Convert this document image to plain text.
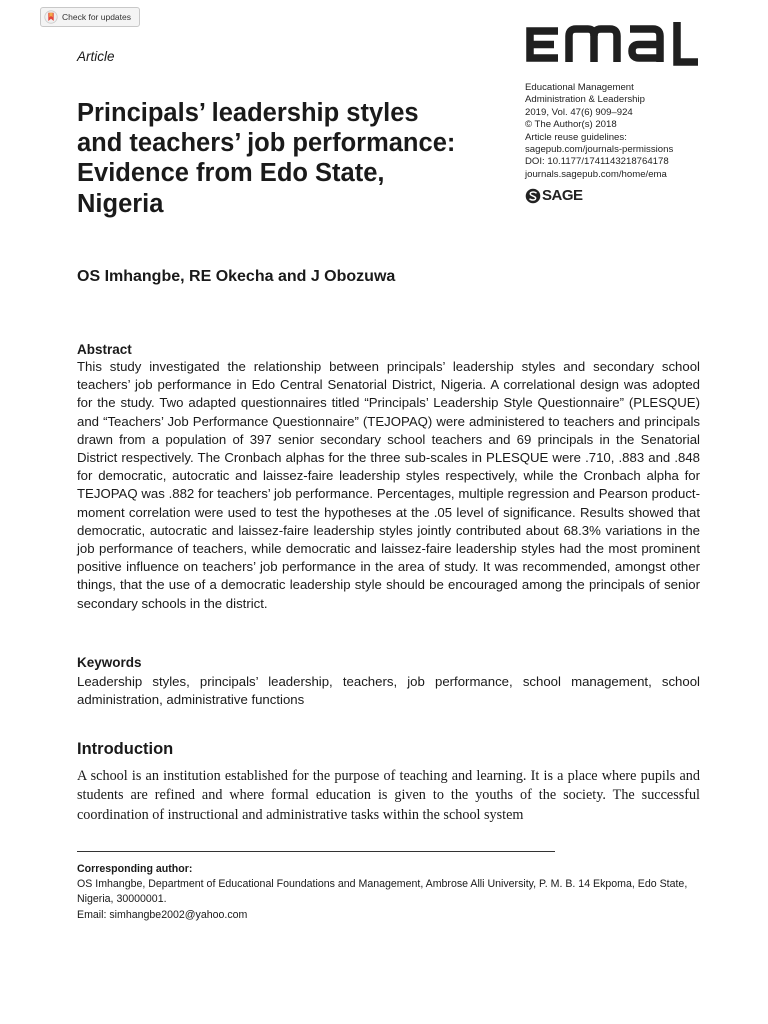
Check for updates
Article
Educational Management
Administration & Leadership
2019, Vol. 47(6) 909–924
© The Author(s) 2018
Article reuse guidelines:
sagepub.com/journals-permissions
DOI: 10.1177/1741143218764178
journals.sagepub.com/home/ema
SAGE
Principals’ leadership styles
and teachers’ job performance:
Evidence from Edo State,
Nigeria
OS Imhangbe, RE Okecha and J Obozuwa
Abstract

This study investigated the relationship between principals’ leadership styles and secondary school teachers’ job performance in Edo Central Senatorial District, Nigeria. A correlational design was adopted for the study. Two adapted questionnaires titled “Principals’ Leadership Style Questionnaire” (PLESQUE) and “Teachers’ Job Performance Questionnaire” (TEJOPAQ) were administered to teachers and principals drawn from a population of 397 senior secondary school teachers and 69 principals in the Senatorial District respectively. The Cronbach alphas for the three sub-scales in PLESQUE were .710, .883 and .848 for democratic, autocratic and laissez-faire leadership styles respectively, while the Cronbach alpha for TEJOPAQ was .882 for teachers’ job performance. Percentages, multiple regression and Pearson product-moment correlation were used to test the hypotheses at the .05 level of significance. Results showed that democratic, autocratic and laissez-faire leadership styles jointly contributed about 68.3% variations in the job performance of teachers, while democratic and laissez-faire leadership styles had the most prominent positive influence on teachers’ job performance in the area of study. It was recommended, amongst other things, that the use of a democratic leadership style should be encouraged among the principals of senior secondary schools in the district.

Keywords

Leadership styles, principals’ leadership, teachers, job performance, school management, school administration, administrative functions

Introduction

A school is an institution established for the purpose of teaching and learning. It is a place where pupils and students are refined and where formal education is given to the youths of the society. The successful coordination of instructional and administrative tasks within the school system

Corresponding author:
OS Imhangbe, Department of Educational Foundations and Management, Ambrose Alli University, P. M. B. 14 Ekpoma, Edo State, Nigeria, 30000001.
Email: simhangbe2002@yahoo.com
